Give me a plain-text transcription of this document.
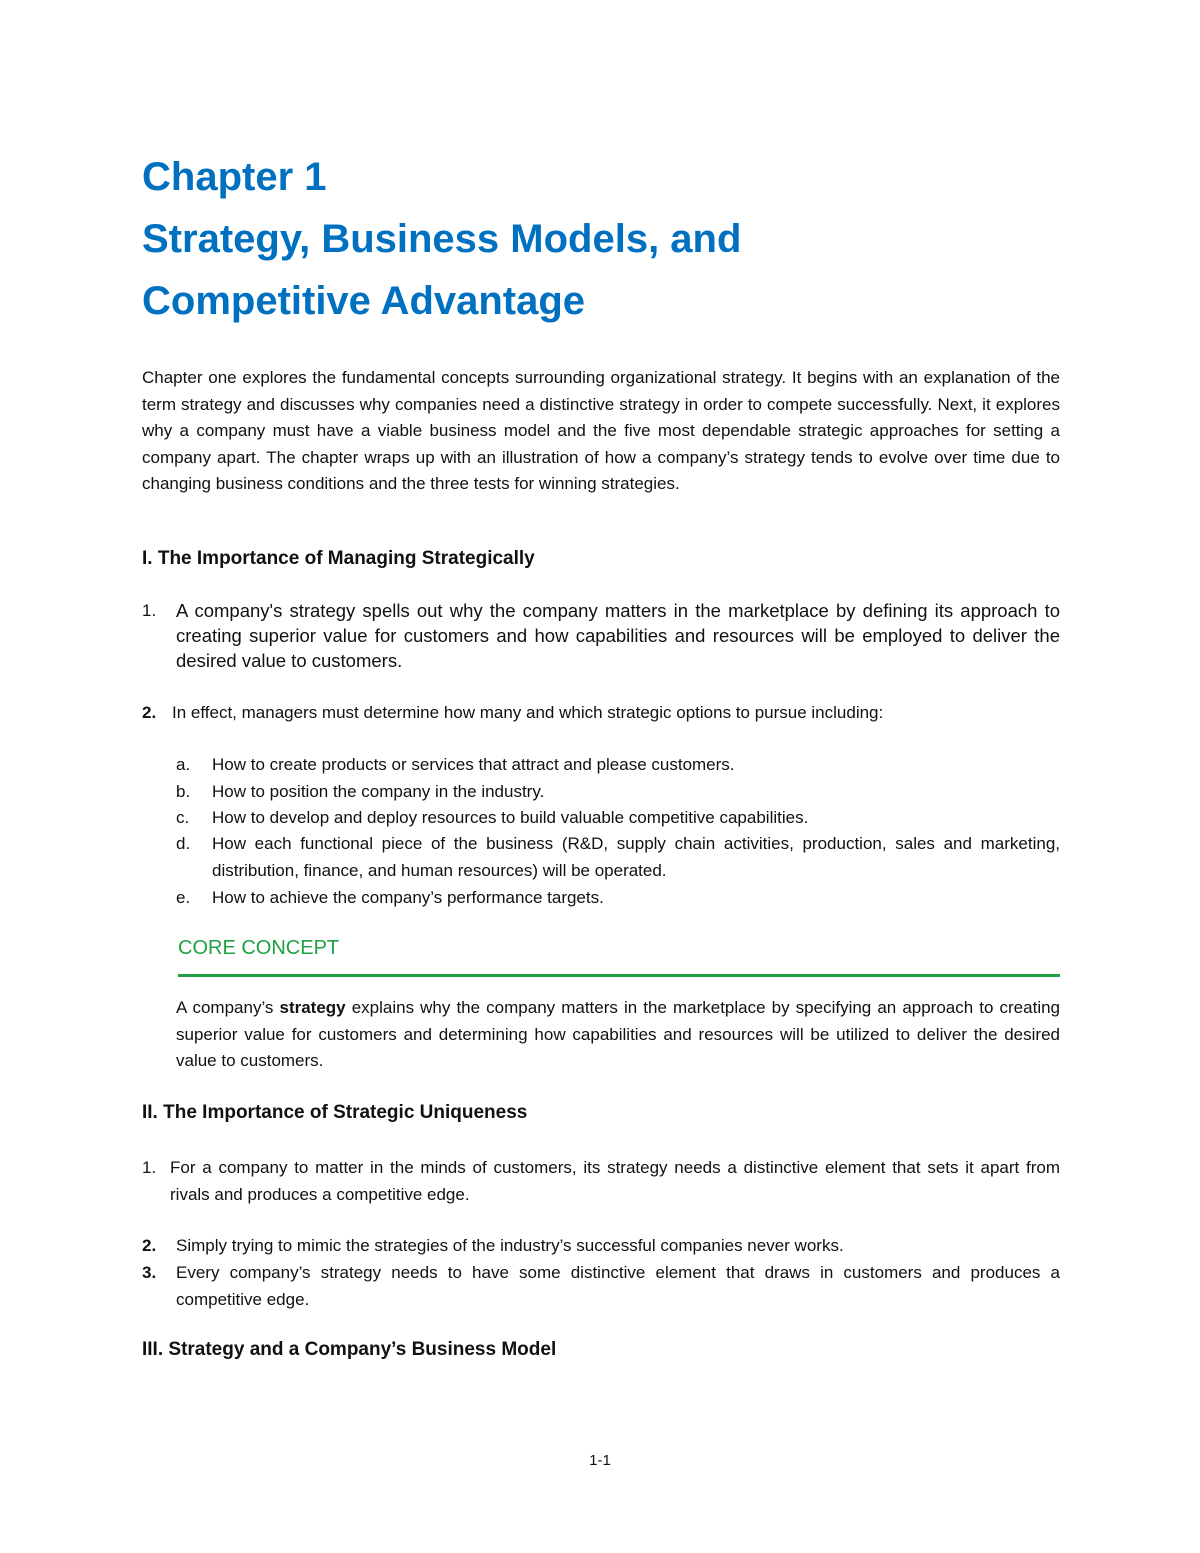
Chapter 1
Strategy, Business Models, and
Competitive Advantage
Chapter one explores the fundamental concepts surrounding organizational strategy. It begins with an explanation of the term strategy and discusses why companies need a distinctive strategy in order to compete successfully. Next, it explores why a company must have a viable business model and the five most dependable strategic approaches for setting a company apart. The chapter wraps up with an illustration of how a company’s strategy tends to evolve over time due to changing business conditions and the three tests for winning strategies.
I. The Importance of Managing Strategically
1. A company's strategy spells out why the company matters in the marketplace by defining its approach to creating superior value for customers and how capabilities and resources will be employed to deliver the desired value to customers.
2. In effect, managers must determine how many and which strategic options to pursue including:
a. How to create products or services that attract and please customers.
b. How to position the company in the industry.
c. How to develop and deploy resources to build valuable competitive capabilities.
d. How each functional piece of the business (R&D, supply chain activities, production, sales and marketing, distribution, finance, and human resources) will be operated.
e. How to achieve the company’s performance targets.
CORE CONCEPT
A company’s strategy explains why the company matters in the marketplace by specifying an approach to creating superior value for customers and determining how capabilities and resources will be utilized to deliver the desired value to customers.
II. The Importance of Strategic Uniqueness
1. For a company to matter in the minds of customers, its strategy needs a distinctive element that sets it apart from rivals and produces a competitive edge.
2. Simply trying to mimic the strategies of the industry’s successful companies never works.
3. Every company’s strategy needs to have some distinctive element that draws in customers and produces a competitive edge.
III. Strategy and a Company’s Business Model
1-1
